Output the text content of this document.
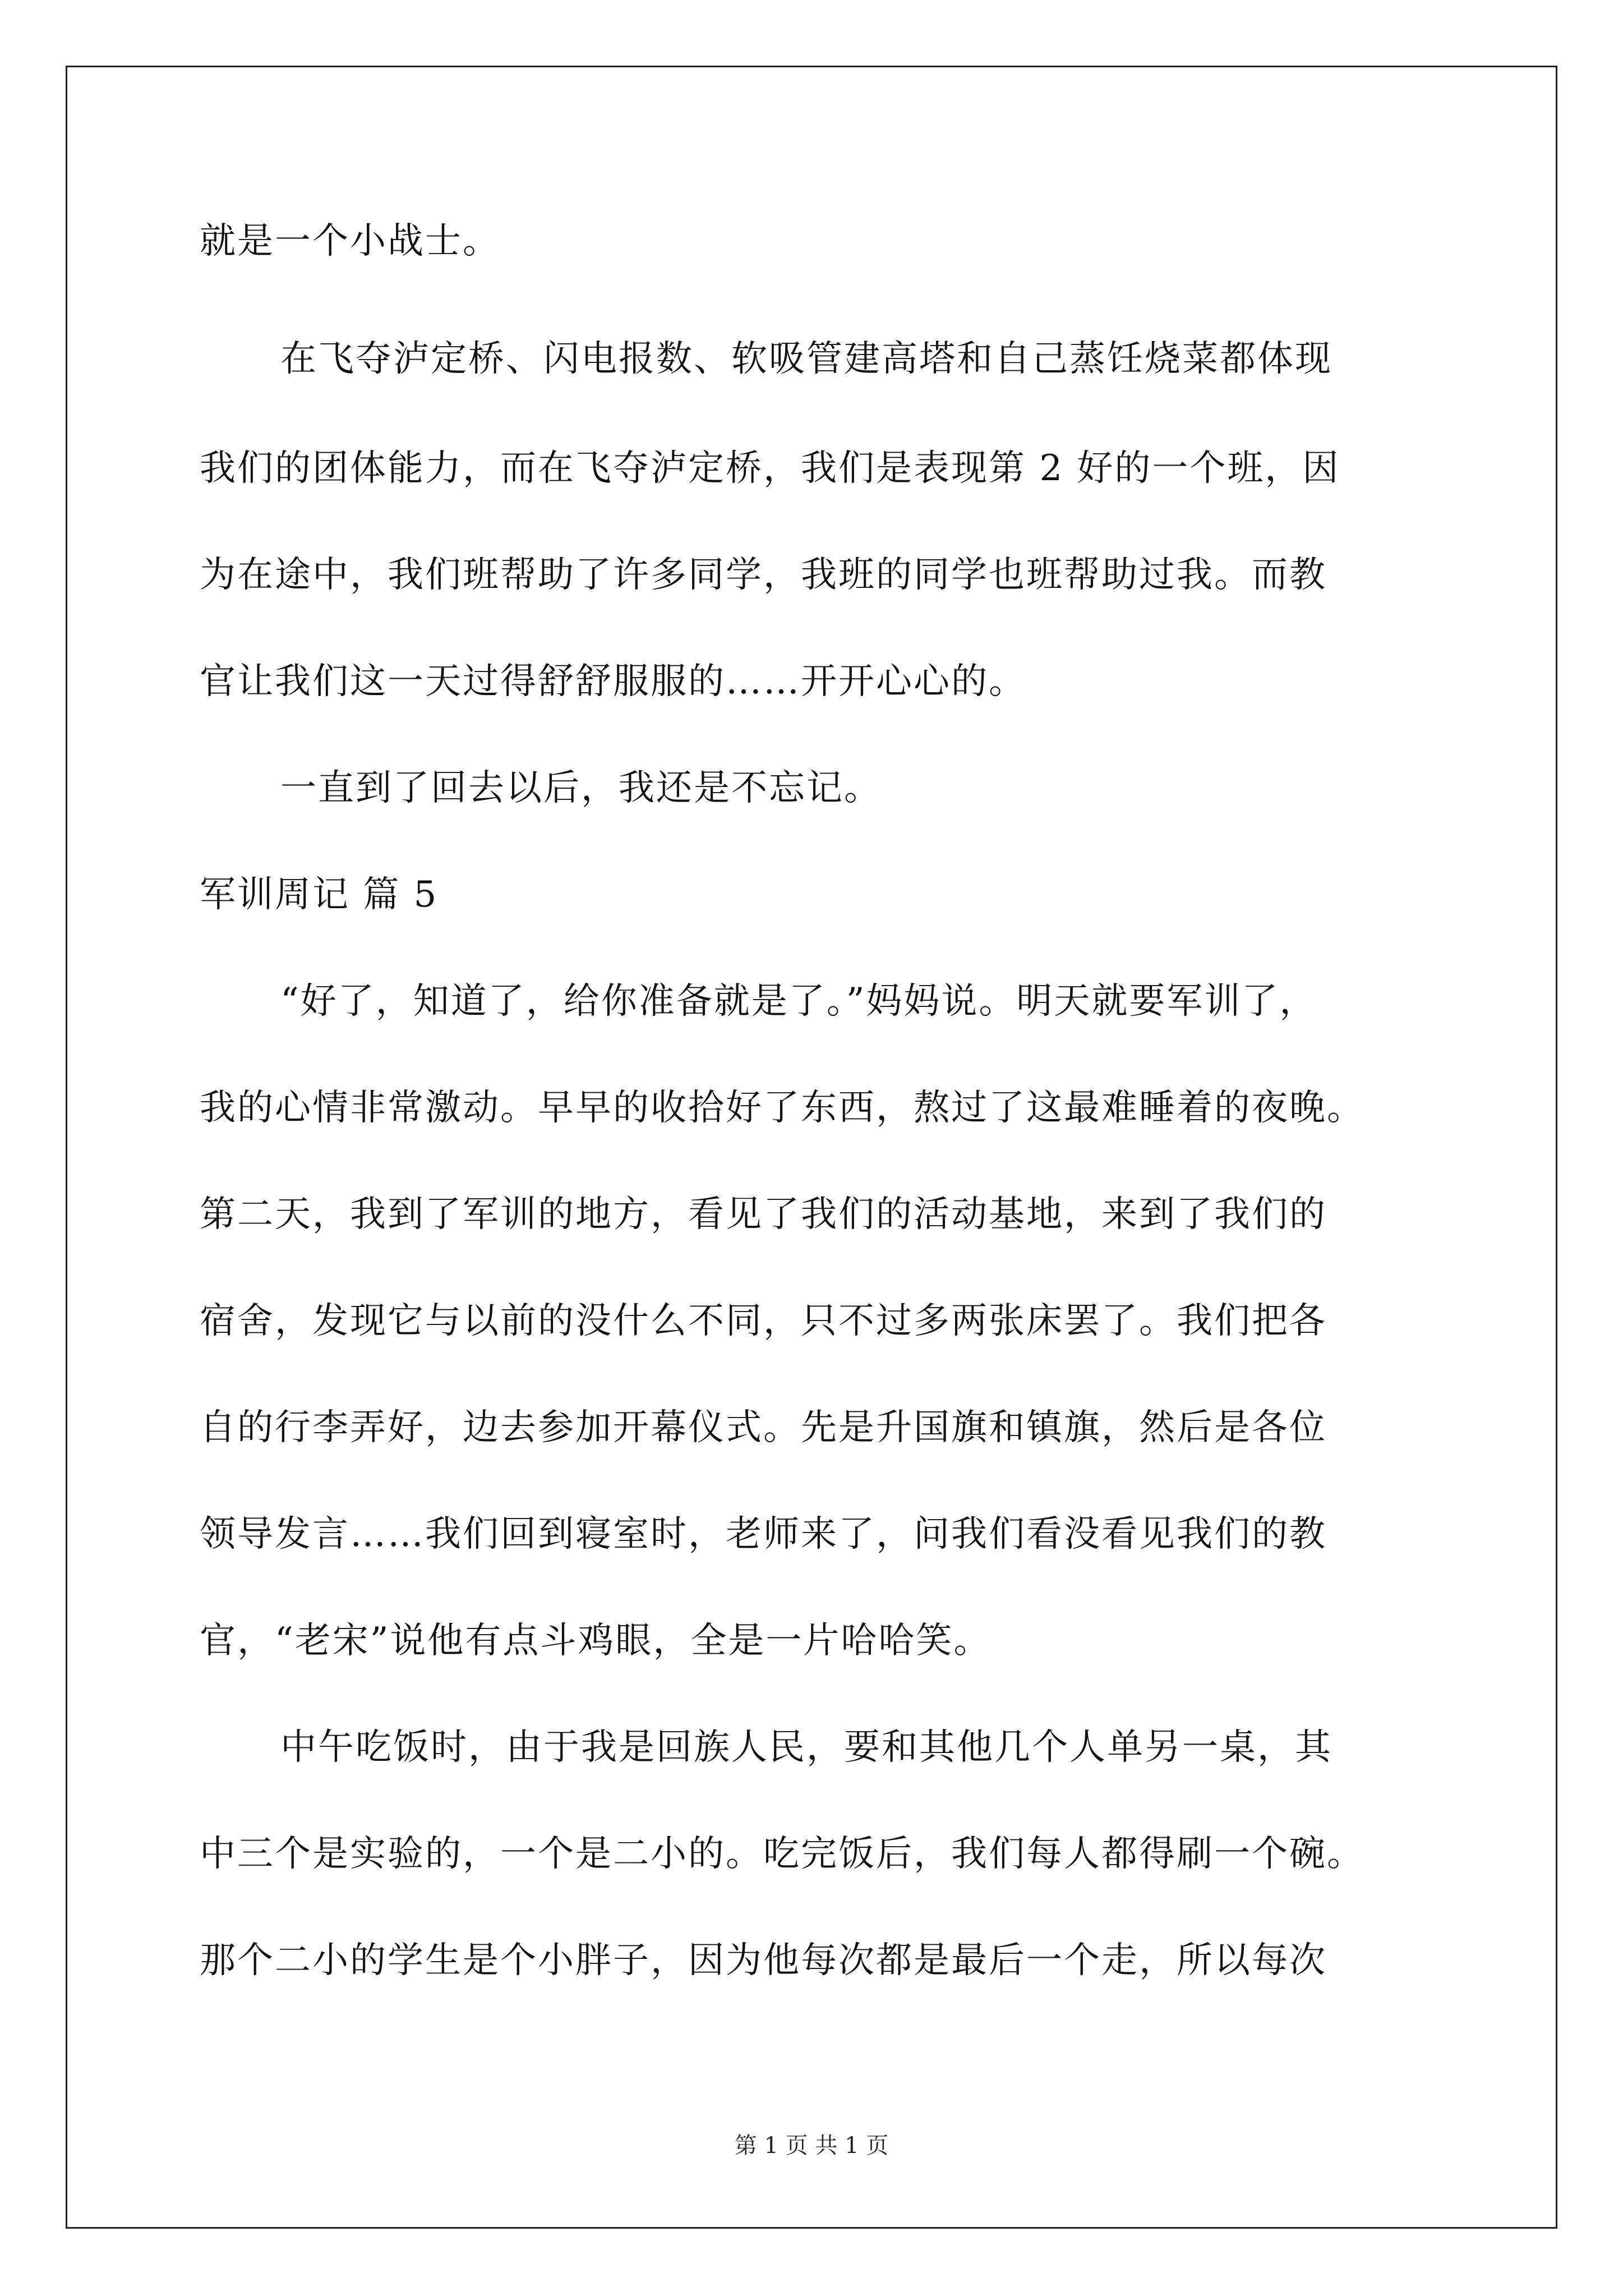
就是一个小战士。
在飞夺泸定桥、闪电报数、软吸管建高塔和自己蒸饪烧菜都体现
我们的团体能力，而在飞夺泸定桥，我们是表现第 2 好的一个班，因
为在途中，我们班帮助了许多同学，我班的同学也班帮助过我。而教
官让我们这一天过得舒舒服服的……开开心心的。
一直到了回去以后，我还是不忘记。
军训周记 篇 5
“好了，知道了，给你准备就是了。”妈妈说。明天就要军训了，
我的心情非常激动。早早的收拾好了东西，熬过了这最难睡着的夜晚。
第二天，我到了军训的地方，看见了我们的活动基地，来到了我们的
宿舍，发现它与以前的没什么不同，只不过多两张床罢了。我们把各
自的行李弄好，边去参加开幕仪式。先是升国旗和镇旗，然后是各位
领导发言……我们回到寝室时，老师来了，问我们看没看见我们的教
官，“老宋”说他有点斗鸡眼，全是一片哈哈笑。
中午吃饭时，由于我是回族人民，要和其他几个人单另一桌，其
中三个是实验的，一个是二小的。吃完饭后，我们每人都得刷一个碗。
那个二小的学生是个小胖子，因为他每次都是最后一个走，所以每次
第 1 页 共 1 页
